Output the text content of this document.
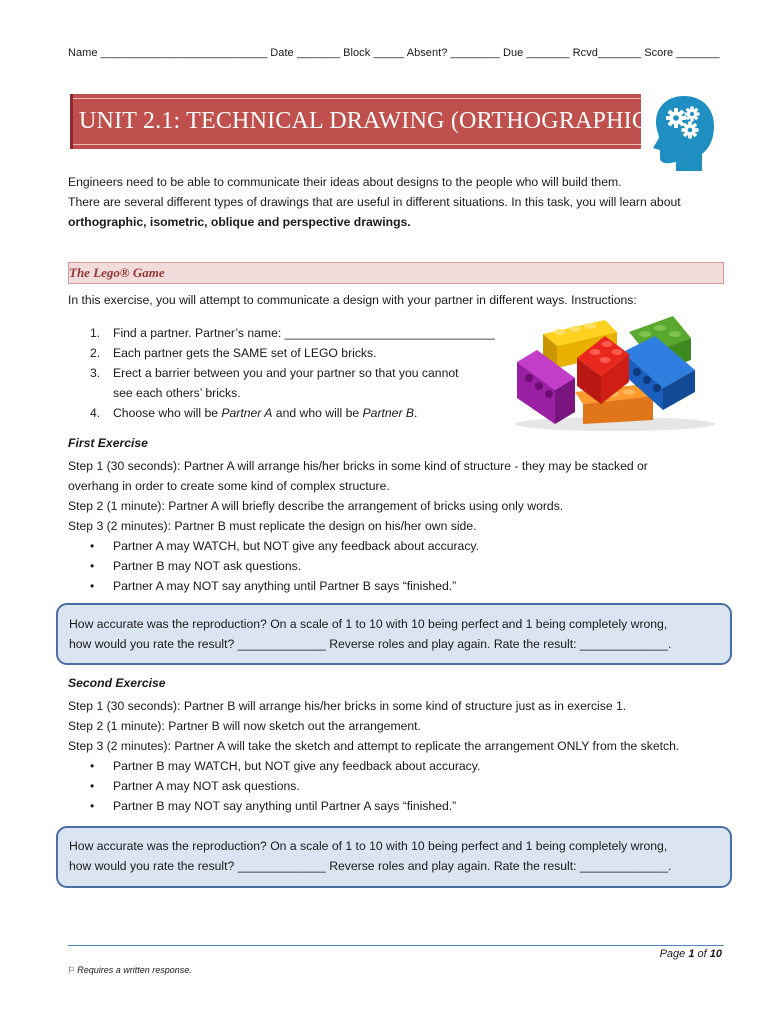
Name ___________________________ Date _______ Block _____ Absent? ________ Due _______ Rcvd_______ Score _______
UNIT 2.1: TECHNICAL DRAWING (ORTHOGRAPHIC)
Engineers need to be able to communicate their ideas about designs to the people who will build them.
There are several different types of drawings that are useful in different situations. In this task, you will learn about
orthographic, isometric, oblique and perspective drawings.
The Lego® Game
In this exercise, you will attempt to communicate a design with your partner in different ways. Instructions:
1. Find a partner. Partner’s name: _______________________________
2. Each partner gets the SAME set of LEGO bricks.
3. Erect a barrier between you and your partner so that you cannot
see each others’ bricks.
4. Choose who will be Partner A and who will be Partner B.
First Exercise
Step 1 (30 seconds): Partner A will arrange his/her bricks in some kind of structure - they may be stacked or
overhang in order to create some kind of complex structure.
Step 2 (1 minute): Partner A will briefly describe the arrangement of bricks using only words.
Step 3 (2 minutes): Partner B must replicate the design on his/her own side.
• Partner A may WATCH, but NOT give any feedback about accuracy.
• Partner B may NOT ask questions.
• Partner A may NOT say anything until Partner B says “finished.”
How accurate was the reproduction? On a scale of 1 to 10 with 10 being perfect and 1 being completely wrong,
how would you rate the result? _____________ Reverse roles and play again. Rate the result: _____________.
Second Exercise
Step 1 (30 seconds): Partner B will arrange his/her bricks in some kind of structure just as in exercise 1.
Step 2 (1 minute): Partner B will now sketch out the arrangement.
Step 3 (2 minutes): Partner A will take the sketch and attempt to replicate the arrangement ONLY from the sketch.
• Partner B may WATCH, but NOT give any feedback about accuracy.
• Partner A may NOT ask questions.
• Partner B may NOT say anything until Partner A says “finished.”
How accurate was the reproduction? On a scale of 1 to 10 with 10 being perfect and 1 being completely wrong,
how would you rate the result? _____________ Reverse roles and play again. Rate the result: _____________.
Page 1 of 10
⚐ Requires a written response.
